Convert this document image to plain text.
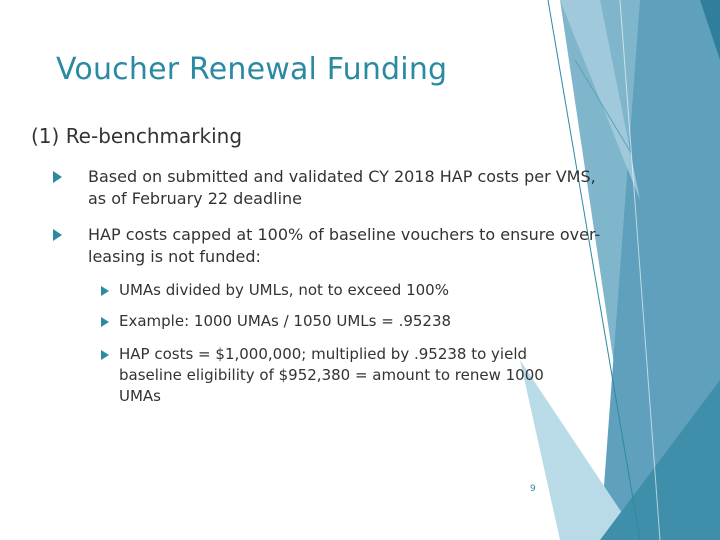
Voucher Renewal Funding
(1) Re-benchmarking
Based on submitted and validated CY 2018 HAP costs per VMS, as of February 22 deadline
HAP costs capped at 100% of baseline vouchers to ensure over-leasing is not funded:
UMAs divided by UMLs, not to exceed 100%
Example: 1000 UMAs / 1050 UMLs = .95238
HAP costs = $1,000,000; multiplied by .95238 to yield baseline eligibility of $952,380 = amount to renew 1000 UMAs
9
